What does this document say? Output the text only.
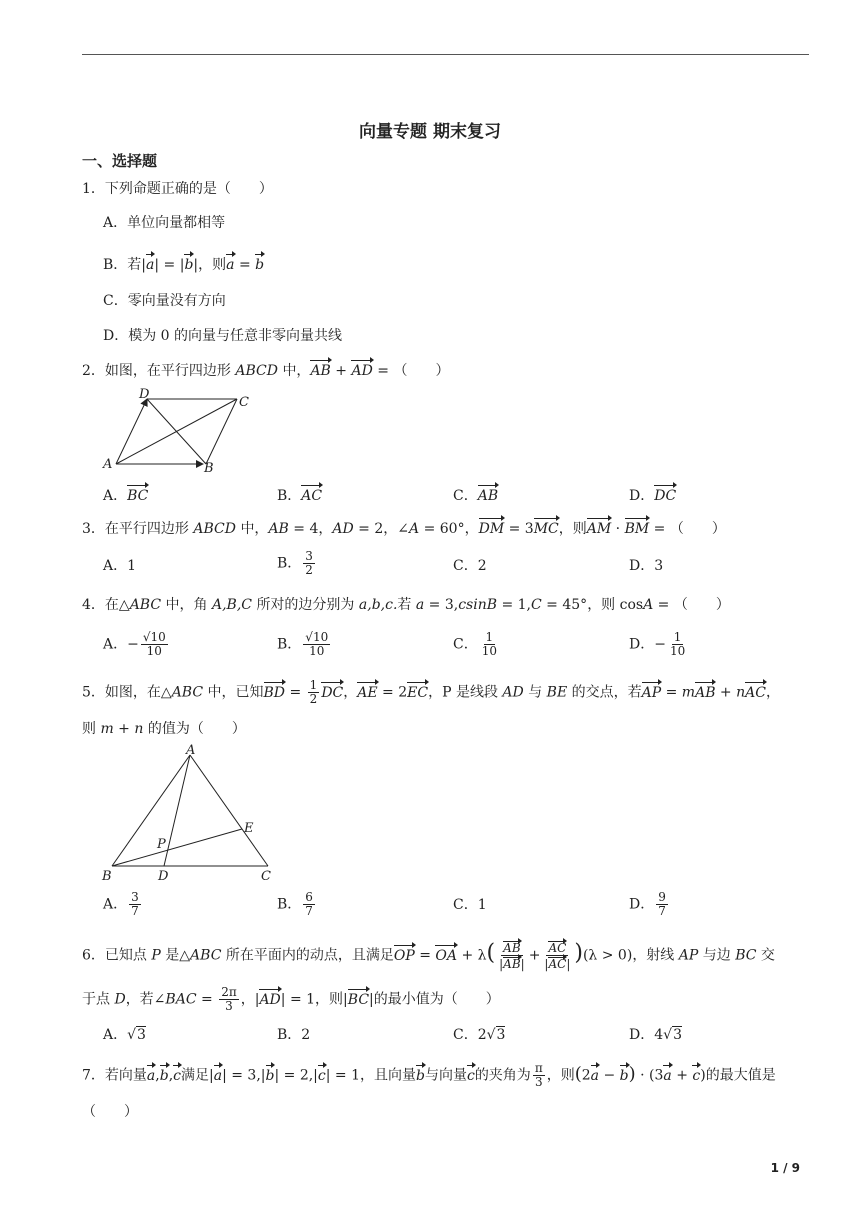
向量专题 期末复习
一、选择题
1．下列命题正确的是（　　）
A．单位向量都相等
B．若|a| = |b|，则a = b
C．零向量没有方向
D．模为 0 的向量与任意非零向量共线
2．如图，在平行四边形 ABCD 中，AB + AD = （　　）
A	B
C
D
A．BC	B．AC	C．AB	D．DC
3．在平行四边形 ABCD 中，AB = 4，AD = 2，∠A = 60°，DM = 3MC，则AM · BM = （　　）
A．1	B． $\frac{3}{2}$	C．2	D．3
4．在△ABC 中，角 A,B,C 所对的边分别为 a,b,c.若 a = 3,csinB = 1,C = 45°，则 cosA = （　　）
A．− $\frac{√10}{10}$	B． $\frac{√10}{10}$	C． $\frac{1}{10}$	D．− $\frac{1}{10}$
5．如图，在△ABC 中，已知BD = $\frac{1}{2}$ DC，AE = 2EC，P 是线段 AD 与 BE 的交点，若AP = mAB + nAC，
则 m + n 的值为（　　）
A
B	D	C
E
P
A． $\frac{3}{7}$	B． $\frac{6}{7}$	C．1	D． $\frac{9}{7}$
6．已知点 P 是△ABC 所在平面内的动点，且满足OP = OA + $\lambda( \frac{AB}{|AB|} + \frac{AC}{|AC|} )(\lambda > 0)$，射线 AP 与边 BC 交
于点 D，若∠BAC = $\frac{2\pi}{3}$ ，|AD| = 1，则|BC|的最小值为（　　）
A．√3	B．2	C．2√3	D．4√3
7．若向量a,b,c满足|a| = 3,|b| = 2,|c| = 1，且向量b与向量c的夹角为 $\frac{\pi}{3}$ ，则(2a − b) · (3a + c)的最大值是
（　　）
1 / 9
